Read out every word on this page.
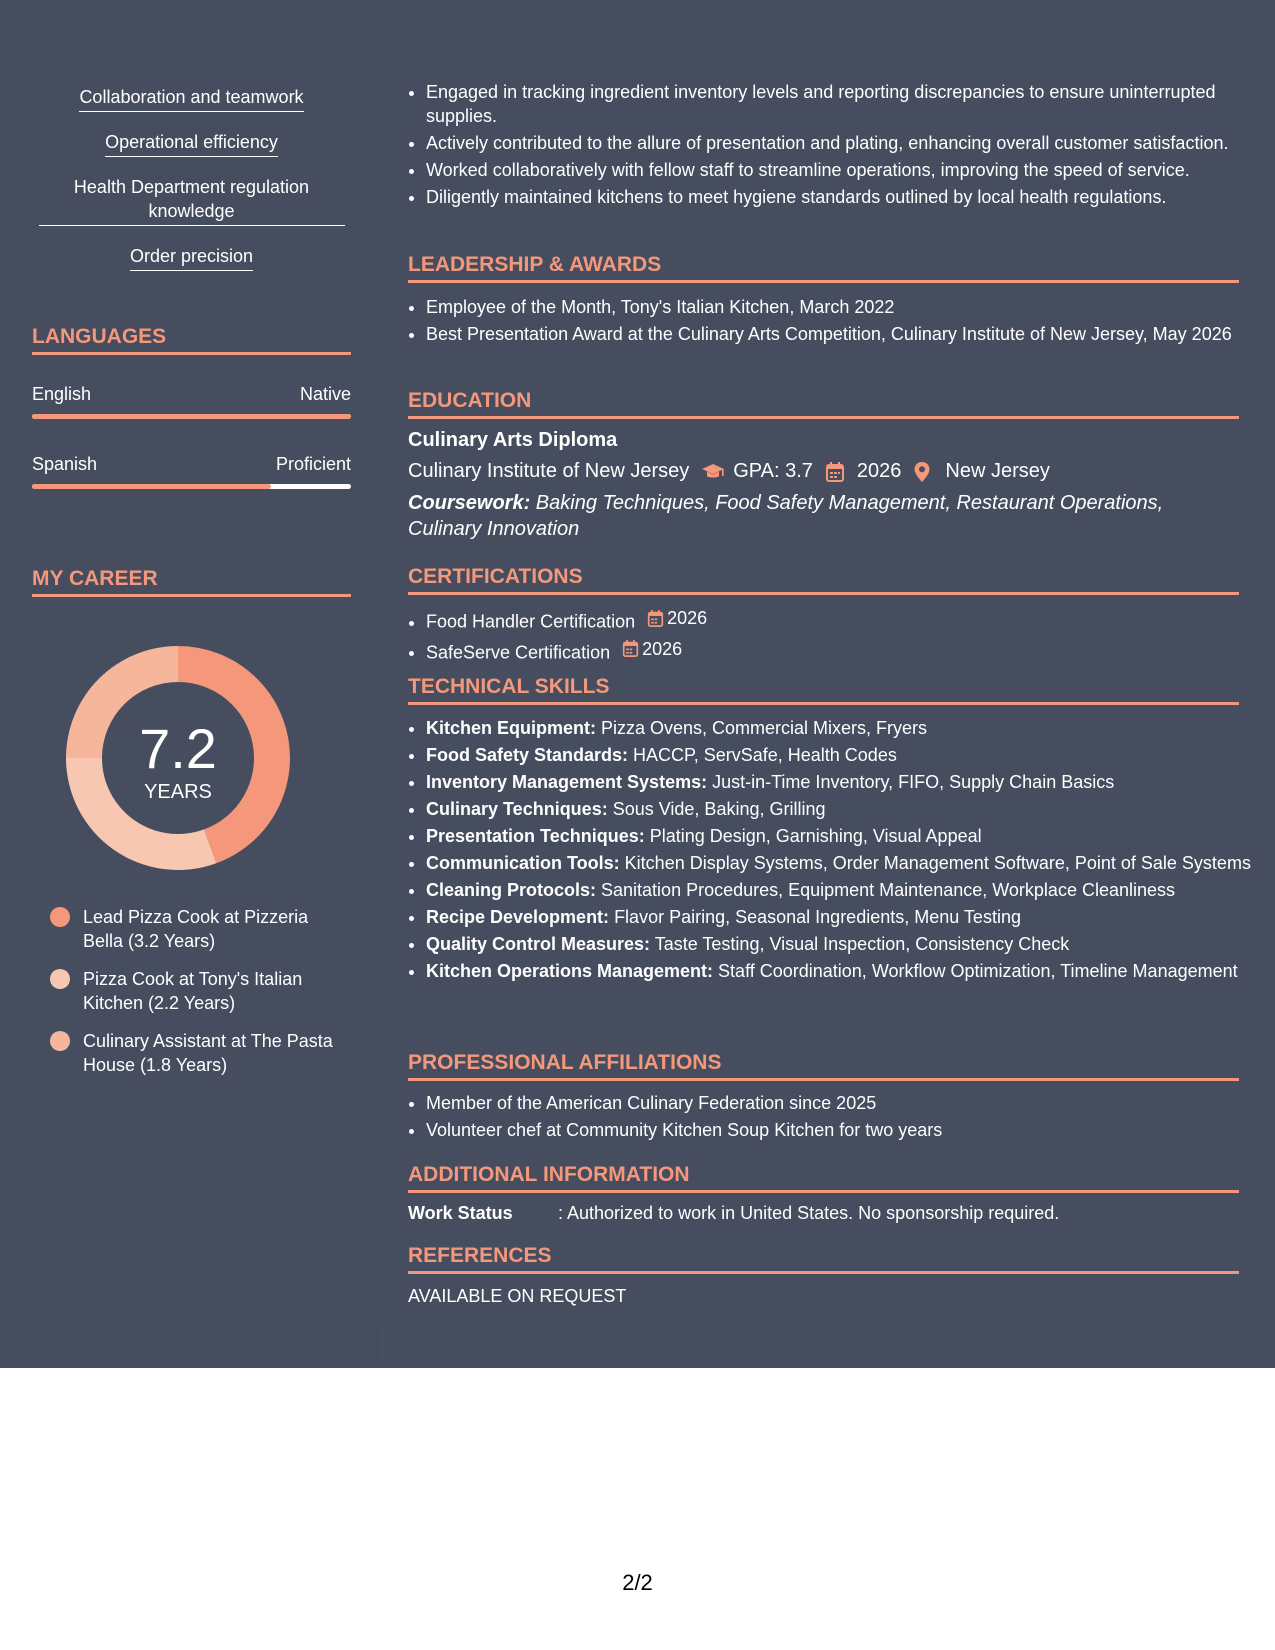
Collaboration and teamwork
Operational efficiency
Health Department regulation knowledge
Order precision
LANGUAGES
English	Native
Spanish	Proficient
MY CAREER
7.2
YEARS
Lead Pizza Cook at Pizzeria Bella (3.2 Years)
Pizza Cook at Tony's Italian Kitchen (2.2 Years)
Culinary Assistant at The Pasta House (1.8 Years)
• Engaged in tracking ingredient inventory levels and reporting discrepancies to ensure uninterrupted supplies.
• Actively contributed to the allure of presentation and plating, enhancing overall customer satisfaction.
• Worked collaboratively with fellow staff to streamline operations, improving the speed of service.
• Diligently maintained kitchens to meet hygiene standards outlined by local health regulations.
LEADERSHIP & AWARDS
• Employee of the Month, Tony's Italian Kitchen, March 2022
• Best Presentation Award at the Culinary Arts Competition, Culinary Institute of New Jersey, May 2026
EDUCATION
Culinary Arts Diploma
Culinary Institute of New Jersey GPA: 3.7 2026 New Jersey
Coursework: Baking Techniques, Food Safety Management, Restaurant Operations, Culinary Innovation
CERTIFICATIONS
• Food Handler Certification 2026
• SafeServe Certification 2026
TECHNICAL SKILLS
• Kitchen Equipment: Pizza Ovens, Commercial Mixers, Fryers
• Food Safety Standards: HACCP, ServSafe, Health Codes
• Inventory Management Systems: Just-in-Time Inventory, FIFO, Supply Chain Basics
• Culinary Techniques: Sous Vide, Baking, Grilling
• Presentation Techniques: Plating Design, Garnishing, Visual Appeal
• Communication Tools: Kitchen Display Systems, Order Management Software, Point of Sale Systems
• Cleaning Protocols: Sanitation Procedures, Equipment Maintenance, Workplace Cleanliness
• Recipe Development: Flavor Pairing, Seasonal Ingredients, Menu Testing
• Quality Control Measures: Taste Testing, Visual Inspection, Consistency Check
• Kitchen Operations Management: Staff Coordination, Workflow Optimization, Timeline Management
PROFESSIONAL AFFILIATIONS
• Member of the American Culinary Federation since 2025
• Volunteer chef at Community Kitchen Soup Kitchen for two years
ADDITIONAL INFORMATION
Work Status	: Authorized to work in United States. No sponsorship required.
REFERENCES
AVAILABLE ON REQUEST
2/2
